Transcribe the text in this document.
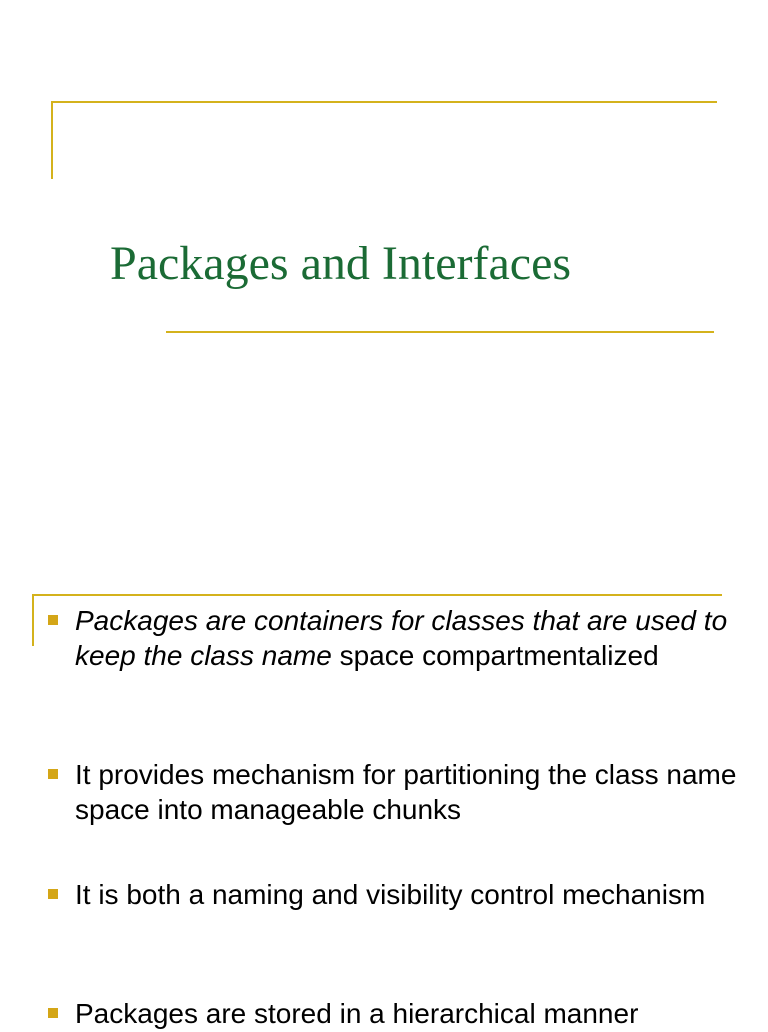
Packages and Interfaces
Packages are containers for classes that are used to keep the class name space compartmentalized
It provides mechanism for partitioning the class name space into manageable chunks
It is both a naming and visibility control mechanism
Packages are stored in a hierarchical manner
